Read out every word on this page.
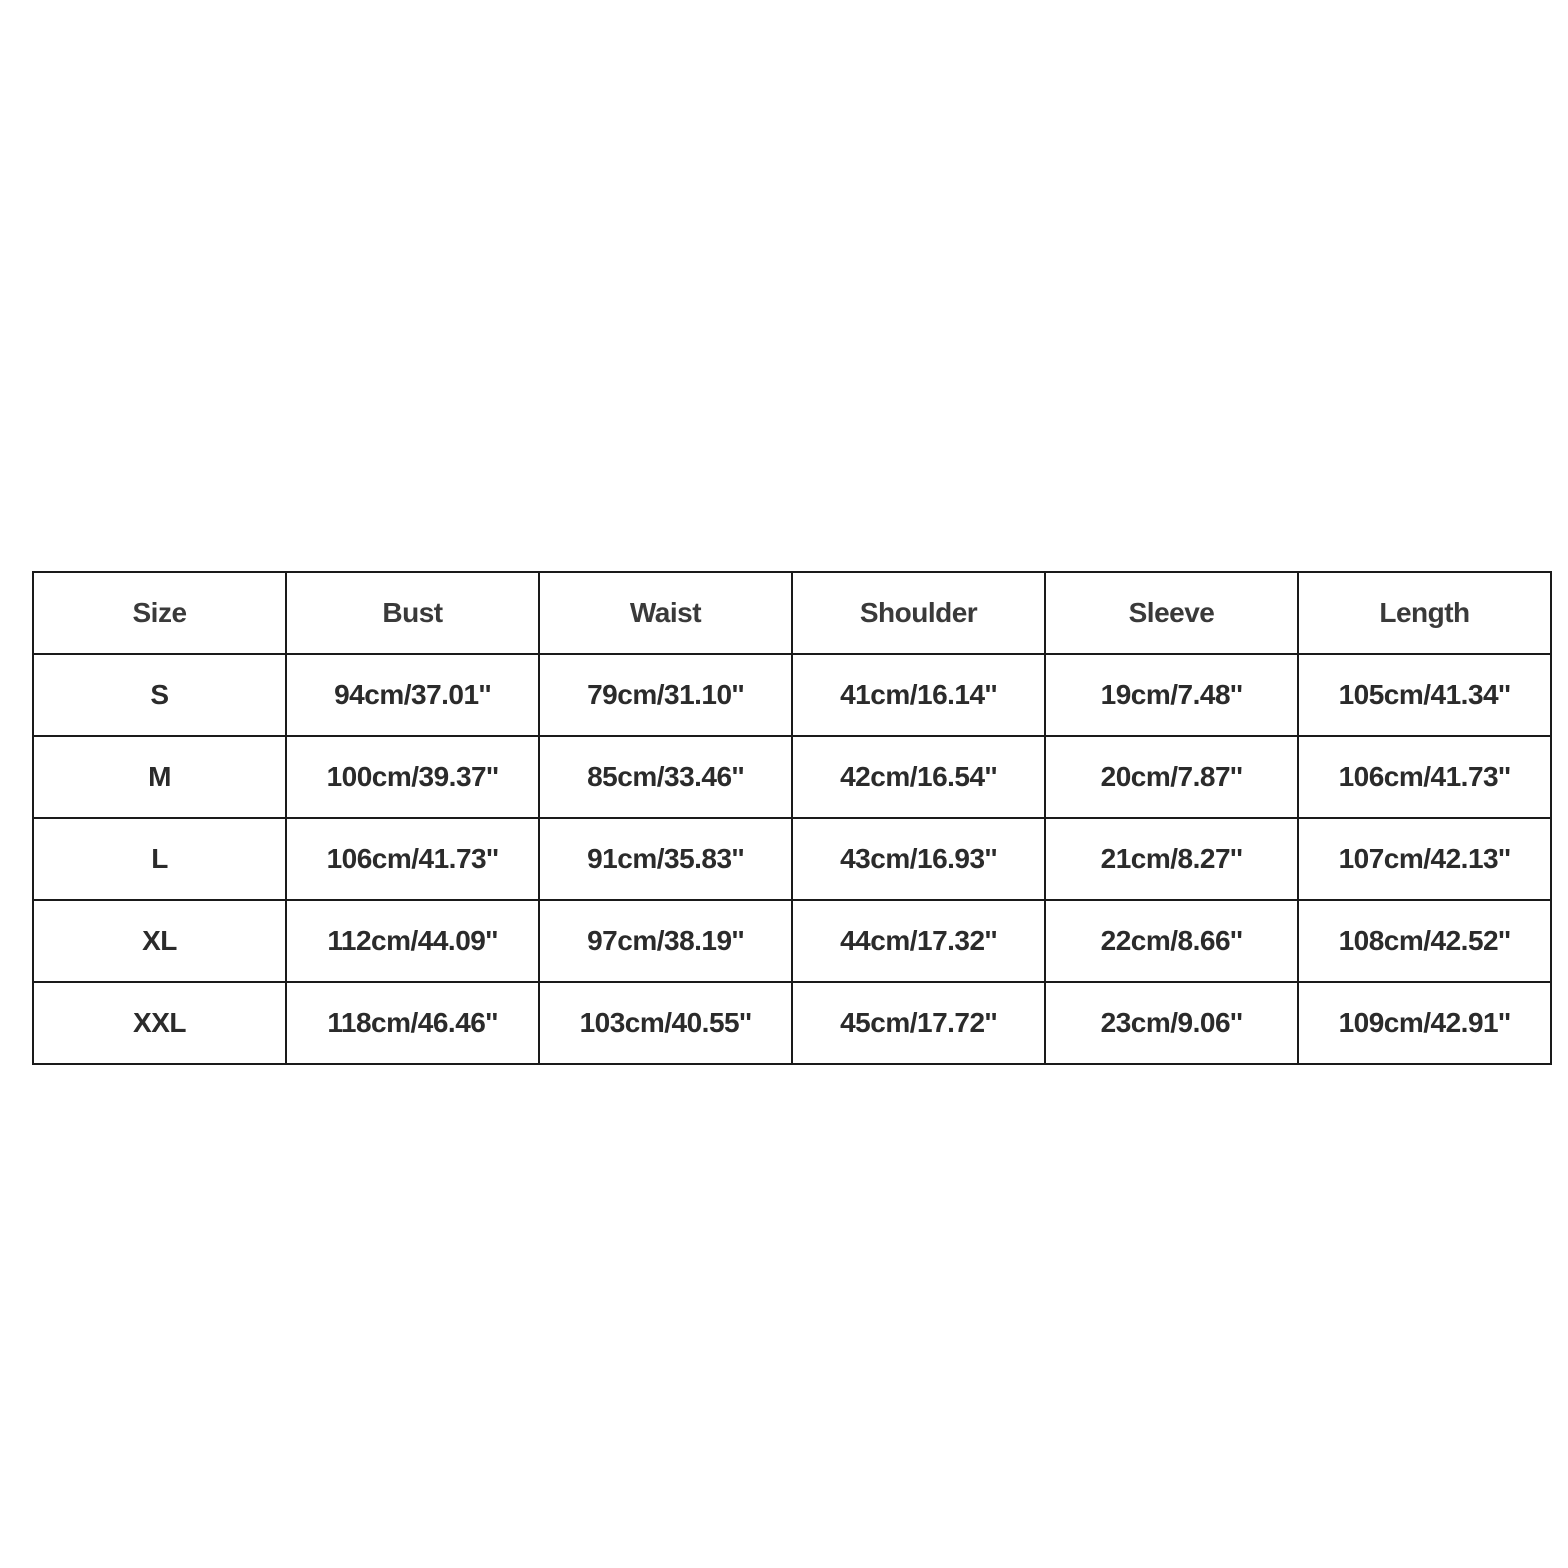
Size	Bust	Waist	Shoulder	Sleeve	Length
S	94cm/37.01''	79cm/31.10''	41cm/16.14''	19cm/7.48''	105cm/41.34''
M	100cm/39.37''	85cm/33.46''	42cm/16.54''	20cm/7.87''	106cm/41.73''
L	106cm/41.73''	91cm/35.83''	43cm/16.93''	21cm/8.27''	107cm/42.13''
XL	112cm/44.09''	97cm/38.19''	44cm/17.32''	22cm/8.66''	108cm/42.52''
XXL	118cm/46.46''	103cm/40.55''	45cm/17.72''	23cm/9.06''	109cm/42.91''
